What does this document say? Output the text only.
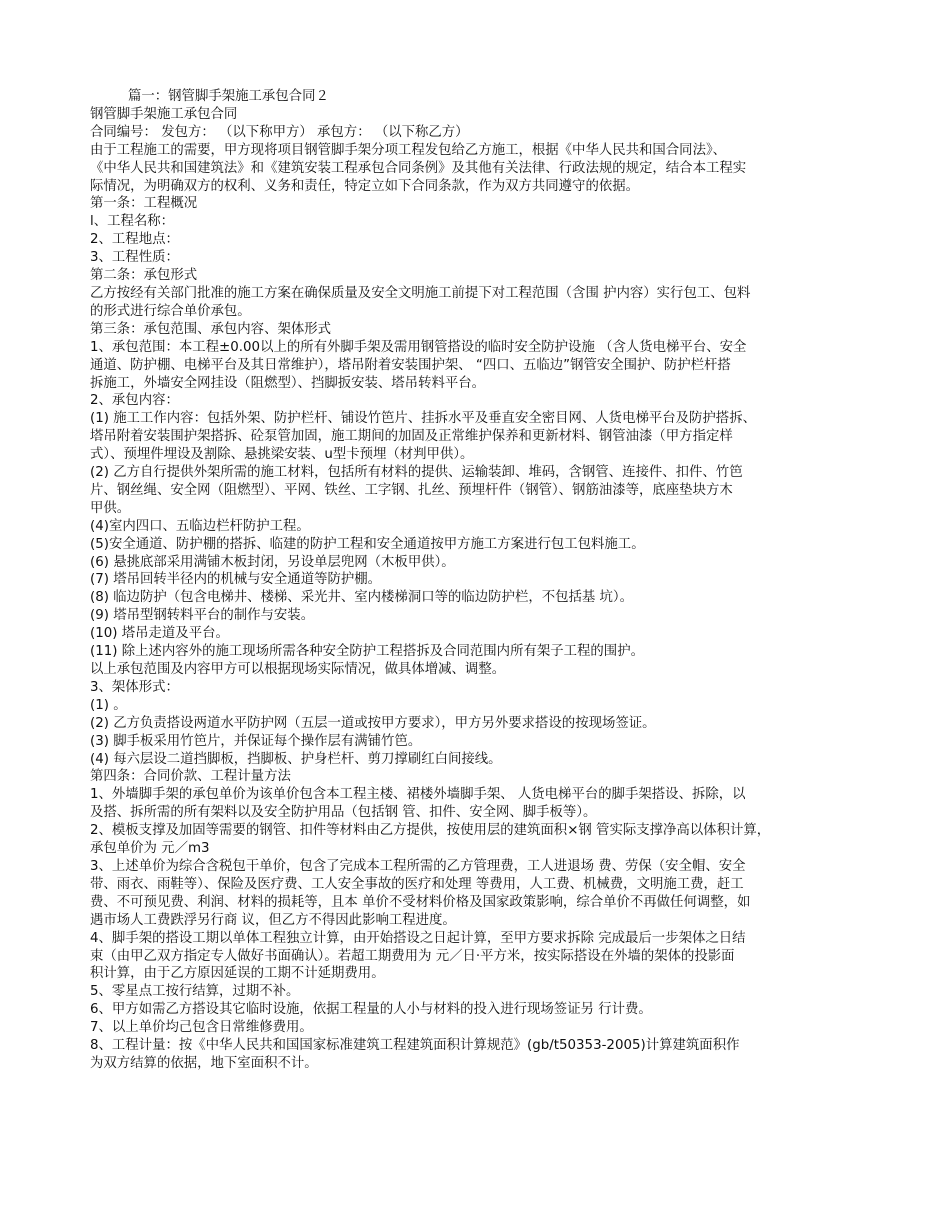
篇一：钢管脚手架施工承包合同２
钢管脚手架施工承包合同
合同编号： 发包方： （以下称甲方） 承包方： （以下称乙方）
由于工程施工的需要，甲方现将项目钢管脚手架分项工程发包给乙方施工，根据《中华人民共和国合同法》、
《中华人民共和国建筑法》和《建筑安装工程承包合同条例》及其他有关法律、行政法规的规定，结合本工程实
际情况，为明确双方的权利、义务和责任，特定立如下合同条款，作为双方共同遵守的依据。
第一条：工程概况
l、工程名称：
2、工程地点：
3、工程性质：
第二条：承包形式
乙方按经有关部门批准的施工方案在确保质量及安全文明施工前提下对工程范围（含围 护内容）实行包工、包料
的形式进行综合单价承包。
第三条：承包范围、承包内容、架体形式
1、承包范围：本工程±0.00以上的所有外脚手架及需用钢管搭设的临时安全防护设施 （含人货电梯平台、安全
通道、防护棚、电梯平台及其日常维护），塔吊附着安装围护架、 “四口、五临边”钢管安全围护、防护栏杆搭
拆施工，外墙安全网挂设（阻燃型）、挡脚扳安装、塔吊转料平台。
2、承包内容：
(1) 施工工作内容：包括外架、防护栏杆、铺设竹笆片、挂拆水平及垂直安全密目网、人货电梯平台及防护搭拆、
塔吊附着安装围护架搭拆、砼泵管加固，施工期间的加固及正常维护保养和更新材料、钢管油漆（甲方指定样
式）、预埋件埋设及割除、悬挑梁安装、u型卡预埋（材判甲供）。
(2) 乙方自行提供外架所需的施工材料，包括所有材料的提供、运输装卸、堆码，含钢管、连接件、扣件、竹笆
片、钢丝绳、安全网（阻燃型）、平网、铁丝、工字钢、扎丝、预埋杆件（钢管）、钢筋油漆等，底座垫块方木
甲供。
(4)室内四口、五临边栏杆防护工程。
(5)安全通道、防护棚的搭拆、临建的防护工程和安全通道按甲方施工方案进行包工包料施工。
(6) 悬挑底部采用满铺木板封闭，另设单层兜网（木板甲供）。
(7) 塔吊回转半径内的机械与安全通道等防护棚。
(8) 临边防护（包含电梯井、楼梯、采光井、室内楼梯洞口等的临边防护栏，不包括基 坑）。
(9) 塔吊型钢转料平台的制作与安装。
(10) 塔吊走道及平台。
(11) 除上述内容外的施工现场所需各种安全防护工程搭拆及合同范围内所有架子工程的围护。
以上承包范围及内容甲方可以根据现场实际情况，做具体增减、调整。
3、架体形式：
(1) 。
(2) 乙方负责搭设两道水平防护网（五层一道或按甲方要求），甲方另外要求搭设的按现场签证。
(3) 脚手板采用竹笆片，并保证每个操作层有满铺竹笆。
(4) 每六层设二道挡脚板，挡脚板、护身栏杆、剪刀撑刷红白间接线。
第四条：合同价款、工程计量方法
1、外墙脚手架的承包单价为该单价包含本工程主楼、裙楼外墙脚手架、 人货电梯平台的脚手架搭设、拆除，以
及搭、拆所需的所有架料以及安全防护用品（包括钢 管、扣件、安全网、脚手板等）。
2、模板支撑及加固等需要的钢管、扣件等材料由乙方提供，按使用层的建筑面积×钢 管实际支撑净高以体积计算，
承包单价为 元／m3
3、上述单价为综合含税包干单价，包含了完成本工程所需的乙方管理费，工人进退场 费、劳保（安全帽、安全
带、雨衣、雨鞋等）、保险及医疗费、工人安全事故的医疗和处理 等费用，人工费、机械费，文明施工费，赶工
费、不可预见费、利润、材料的损耗等，且本 单价不受材料价格及国家政策影响，综合单价不再做任何调整，如
遇市场人工费跌浮另行商 议，但乙方不得因此影响工程进度。
4、脚手架的搭设工期以单体工程独立计算，由开始搭设之日起计算，至甲方要求拆除 完成最后一步架体之日结
束（由甲乙双方指定专人做好书面确认）。若超工期费用为 元／日·平方米，按实际搭设在外墙的架体的投影面
积计算，由于乙方原因延误的工期不计延期费用。
5、零星点工按行结算，过期不补。
6、甲方如需乙方搭设其它临时设施，依据工程量的人小与材料的投入进行现场签证另 行计费。
7、以上单价均己包含日常维修费用。
8、工程计量：按《中华人民共和国国家标准建筑工程建筑面积计算规范》(gb/t50353-2005)计算建筑面积作
为双方结算的依据，地下室面积不计。
